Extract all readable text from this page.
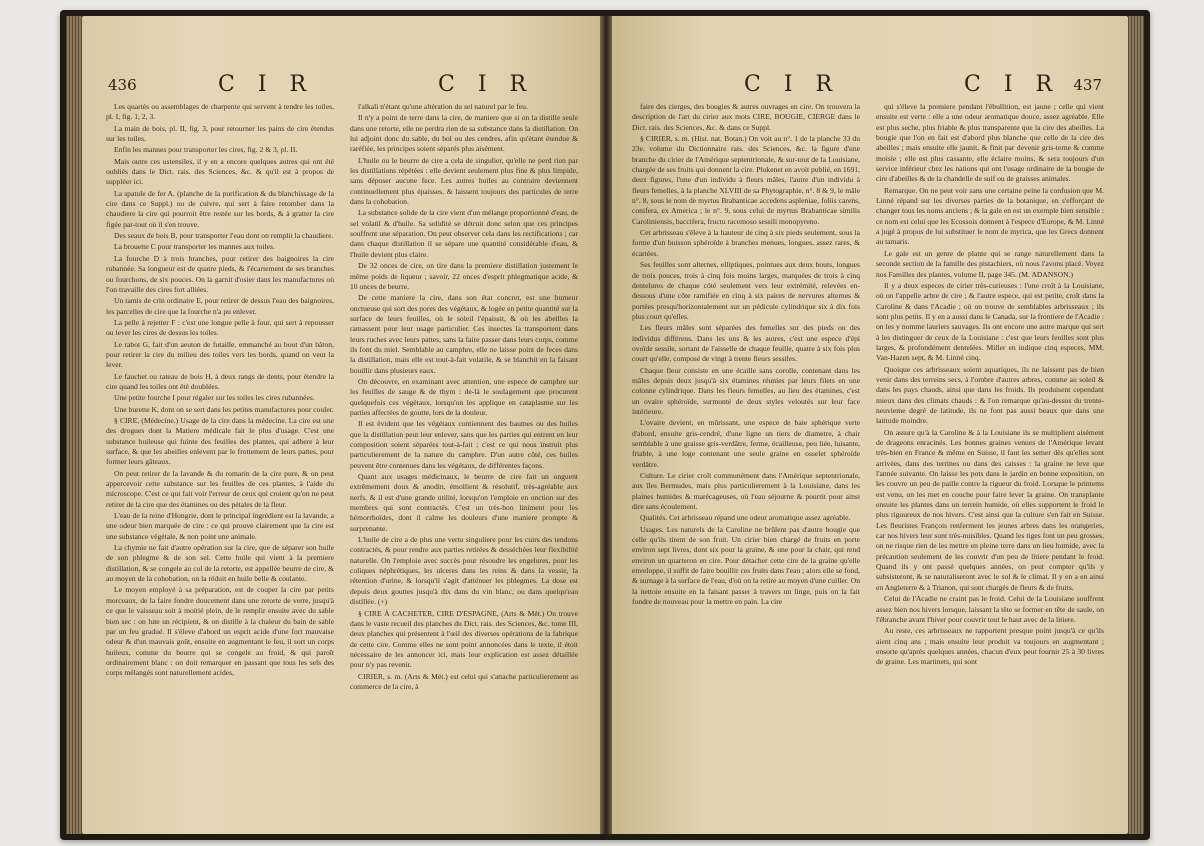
436	C I R	C I R

Les quartés ou assemblages de charpente qui servent à tendre les toiles, pl. I, fig. 1, 2, 3.

La main de bois, pl. II, fig. 3, pour retourner les pains de cire étendus sur les toiles.

Enfin les mannes pour transporter les cires, fig. 2 & 3, pl. II.

Mais outre ces ustensiles, il y en a encore quelques autres qui ont été oubliés dans le Dict. rais. des Sciences, &c. & qu'il est à propos de suppléer ici.

La spatule de fer A, (planche de la purification & du blanchissage de la cire dans ce Suppl.) ou de cuivre, qui sert à faire retomber dans la chaudiere la cire qui pourroit être restée sur les bords, & à gratter la cire figée par-tout où il s'en trouve.

Des seaux de bois B, pour transporter l'eau dont on remplit la chaudiere.

La brouette C pour transporter les mannes aux toiles.

La fourche D à trois branches, pour retirer des baignoires la cire rubannée. Sa longueur est de quatre pieds, & l'écartement de ses branches ou fourchons, de six pouces. On la garnit d'osier dans les manufactures où l'on travaille des cires fort alliées.

Un tamis de crin ordinaire E, pour retirer de dessus l'eau des baignoires, les parcelles de cire que la fourche n'a pu enlever.

La pelle à rejetter F : c'est une longue pelle à four, qui sert à repousser ou lever les cires de dessus les toiles.

Le rabot G, fait d'un aeuton de futaille, emmanché au bout d'un bâton, pour retirer la cire du milieu des toiles vers les bords, quand on veut la lever.

Le fauchet ou rateau de bois H, à deux rangs de dents, pour étendre la cire quand les toiles ont été doublées.

Une petite fourche I pour régaler sur les toiles les cires rubannées.

Une burette K, dont on se sert dans les petites manufactures pour couler.

§ CIRE, (Médecine.) Usage de la cire dans la médecine. La cire est une des drogues dont la Matiere médicale fait le plus d'usage. C'est une substance huileuse qui fuinte des feuilles des plantes, qui adhere à leur surface, & que les abeilles enlevent par le frottement de leurs pattes, pour former leurs gâteaux.

On peut retirer de la lavande & du romarin de la cire pure, & on peut appercevoir cette substance sur les feuilles de ces plantes, à l'aide du microscope. C'est ce qui fait voir l'erreur de ceux qui croient qu'on ne peut retirer de la cire que des étamines ou des pétales de la fleur.

L'eau de la reine d'Hongrie, dont le principal ingrédient est la lavande, a une odeur bien marquée de cire : ce qui prouve clairement que la cire est une substance végétale, & non point une animale.

La chymie ne fait d'autre opération sur la cire, que de séparer son huile de son phlegme & de son sel. Cette huile qui vient à la premiere distillation, & se congele au col de la retorte, est appellée beurre de cire, & au moyen de la cohobation, on la réduit en huile belle & coulante.

Le moyen employé à sa préparation, est de couper la cire par petits morceaux, de la faire fondre doucement dans une retorte de verre, jusqu'à ce que le vaisseau soit à moitié plein, de le remplir ensuite avec du sable bien sec : on lute un récipient, & on distille à la chaleur du bain de sable par un feu gradué. Il s'éleve d'abord un esprit acide d'une fort mauvaise odeur & d'un mauvais goût, ensuite en augmentant le feu, il sort un corps huileux, comme du beurre qui se congele au froid, & qui paroît ordinairement blanc : on doit remarquer en passant que tous les sels des corps mélangés sont naturellement acides,

l'alkali n'étant qu'une altération du sel naturel par le feu.

Il n'y a point de terre dans la cire, de maniere que si on la distille seule dans une retorte, elle ne perdra rien de sa substance dans la distillation. On lui adjoint donc du sable, du bol ou des cendres, afin qu'étant étendue & raréfiée, les principes soient séparés plus aisément.

L'huile ou le beurre de cire a cela de singulier, qu'elle ne perd rien par les distillations répétées : elle devient seulement plus fine & plus limpide, sans déposer aucune fece. Les autres huiles au contraire deviennent continuellement plus épaisses, & laissent toujours des particules de terre dans la cohobation.

La substance solide de la cire vient d'un mélange proportionné d'eau, de sel volatil & d'huile. Sa solidité se détruit donc selon que ces principes souffrent une séparation. On peut observer cela dans les rectifications ; car dans chaque distillation il se sépare une quantité considérable d'eau, & l'huile devient plus claire.

De 32 onces de cire, on tire dans la premiere distillation justement le même poids de liqueur ; savoir, 22 onces d'esprit phlegmatique acide, & 10 onces de beurre.

De cette maniere la cire, dans son état concret, est une humeur onctueuse qui sort des pores des végétaux, & logée en petite quantité sur la surface de leurs feuilles, où le soleil l'épaissit, & où les abeilles la ramassent pour leur usage particulier. Ces insectes la transportent dans leurs ruches avec leurs pattes, sans la faire passer dans leurs corps, comme ils font du miel. Semblable au camphre, elle ne laisse point de feces dans la distillation, mais elle est tout-à-fait volatile, & se blanchit en la faisant bouillir dans plusieurs eaux.

On découvre, en examinant avec attention, une espece de camphre sur les feuilles de sauge & de thym : de-là le soulagement que procurent quelquefois ces végétaux, lorsqu'on les applique en cataplasme sur les parties affectées de goutte, lors de la douleur.

Il est évident que les végétaux contiennent des baumes ou des huiles que la distillation peut leur enlever, sans que les parties qui entrent en leur composition soient séparées tout-à-fait ; c'est ce qui nous instruit plus particulierement de la nature du camphre. D'un autre côté, ces huiles peuvent être contenues dans les végétaux, de différentes façons.

Quant aux usages médicinaux, le beurre de cire fait un onguent extrêmement doux & anodin, émollient & résolutif, très-agréable aux nerfs, & il est d'une grande utilité, lorsqu'on l'emploie en onction sur des membres qui sont contractés. C'est un très-bon liniment pour les hémorrhoïdes, dont il calme les douleurs d'une maniere prompte & surprenante.

L'huile de cire a de plus une vertu singuliere pour les cuirs des tendons contractés, & pour rendre aux parties retirées & desséchées leur flexibilité naturelle. On l'emploie avec succès pour résoudre les engelures, pour les coliques néphrétiques, les ulceres dans les reins & dans la vessie, la rétention d'urine, & lorsqu'il s'agit d'atténuer les phlegmes. La dose est depuis deux gouttes jusqu'à dix dans du vin blanc, ou dans quelqu'eau distillée. (+)

§ CIRE À CACHETER, CIRE D'ESPAGNE, (Arts & Mét.) On trouve dans le vaste recueil des planches du Dict. rais. des Sciences, &c. tome III, deux planches qui présentent à l'œil des diverses opérations de la fabrique de cette cire. Comme elles ne sont point annoncées dans le texte, il étoit nécessaire de les annoncer ici, mais leur explication est assez détaillée pour n'y pas revenir.

CIRIER, s. m. (Arts & Mét.) est celui qui s'attache particulierement au commerce de la cire, à

C I R	C I R 437

faire des cierges, des bougies & autres ouvrages en cire. On trouvera la description de l'art du cirier aux mots CIRE, BOUGIE, CIERGE dans le Dict. rais. des Sciences, &c. & dans ce Suppl.

§ CIRIER, s. m. (Hist. nat. Botan.) On voit au n°. 1 de la planche 33 du 23e. volume du Dictionnaire rais. des Sciences, &c. la figure d'une branche du cirier de l'Amérique septentrionale, & sur-tout de la Louisiane, chargée de ses fruits qui donnent la cire. Plukenet en avoit publié, en 1691, deux figures, l'une d'un individu à fleurs mâles, l'autre d'un individu à fleurs femelles, à la planche XLVIII de sa Phytographie, n°. 8 & 9, le mâle n°. 8, sous le nom de myrtus Brabanticae accedens aspleniae, foliis carens, conifera, ex America ; le n°. 9, sous celui de myrtus Brabanticae similis Caroliniensis, baccifera, fructu racemoso sessili monopyreno.

Cet arbrisseau s'éleve à la hauteur de cinq à six pieds seulement, sous la forme d'un buisson sphéroïde à branches menues, longues, assez rares, & écartées.

Ses feuilles sont alternes, elliptiques, pointues aux deux bouts, longues de trois pouces, trois à cinq fois moins larges, marquées de trois à cinq dentelures de chaque côté seulement vers leur extrémité, relevées en-dessous d'une côte ramifiée en cinq à six paires de nervures alternes & portées presqu'horizontalement sur un pédicule cylindrique six à dix fois plus court qu'elles.

Les fleurs mâles sont séparées des femelles sur des pieds ou des individus différens. Dans les uns & les autres, c'est une espece d'épi ovoïde sessile, sortant de l'aisselle de chaque feuille, quatre à six fois plus court qu'elle, composé de vingt à trente fleurs sessiles.

Chaque fleur consiste en une écaille sans corolle, contenant dans les mâles depuis deux jusqu'à six étamines réunies par leurs filets en une colonne cylindrique. Dans les fleurs femelles, au lieu des étamines, c'est un ovaire sphéroïde, surmonté de deux styles veloutés sur leur face intérieure.

L'ovaire devient, en mûrissant, une espece de baie sphérique verte d'abord, ensuite gris-cendré, d'une ligne un tiers de diametre, à chair semblable à une graisse gris-verdâtre, ferme, écailleuse, peu liée, luisante, friable, à une loge contenant une seule graine en osselet sphéroïde verdâtre.

Culture. Le cirier croît communément dans l'Amérique septentrionale, aux îles Bermudes, mais plus particulierement à la Louisiane, dans les plaines humides & marécageuses, où l'eau séjourne & pourrit pour ainsi dire sans écoulement.

Qualités. Cet arbrisseau répand une odeur aromatique assez agréable.

Usages. Les naturels de la Caroline ne brûlent pas d'autre bougie que celle qu'ils tirent de son fruit. Un cirier bien chargé de fruits en porte environ sept livres, dont six pour la graine, & une pour la chair, qui rend environ un quarteron en cire. Pour détacher cette cire de la graine qu'elle enveloppe, il suffit de faire bouillir ces fruits dans l'eau ; alors elle se fond, & surnage à la surface de l'eau, d'où on la retire au moyen d'une cuiller. On la nettoie ensuite en la faisant passer à travers un linge, puis on la fait fondre de nouveau pour la mettre en pain. La cire

qui s'éleve la premiere pendant l'ébullition, est jaune ; celle qui vient ensuite est verte : elle a une odeur aromatique douce, assez agréable. Elle est plus seche, plus friable & plus transparente que la cire des abeilles. La bougie que l'on en fait est d'abord plus blanche que celle de la cire des abeilles ; mais ensuite elle jaunit, & finit par devenir gris-terne & comme moisie ; elle est plus cassante, elle éclaire moins, & sera toujours d'un service inférieur chez les nations qui ont l'usage ordinaire de la bougie de cire d'abeilles & de la chandelle de suif ou de graisses animales.

Remarque. On ne peut voir sans une certaine peine la confusion que M. Linné répand sur les diverses parties de la botanique, en s'efforçant de changer tous les noms anciens ; & la gale en est un exemple bien sensible : ce nom est celui que les Ecossois donnent à l'espece d'Europe, & M. Linné a jugé à propos de lui substituer le nom de myrica, que les Grecs donnent au tamaris.

Le gale est un genre de plante qui se range naturellement dans la seconde section de la famille des pistachiers, où nous l'avons placé. Voyez nos Familles des plantes, volume II, page 345. (M. ADANSON.)

Il y a deux especes de cirier très-curieuses : l'une croît à la Louisiane, où on l'appelle arbre de cire ; & l'autre espece, qui est petite, croît dans la Caroline & dans l'Acadie ; où on trouve de semblables arbrisseaux ; ils sont plus petits. Il y en a aussi dans le Canada, sur la frontiere de l'Acadie : on les y nomme lauriers sauvages. Ils ont encore une autre marque qui sert à les distinguer de ceux de la Louisiane : c'est que leurs feuilles sont plus larges, & profondément dentelées. Miller en indique cinq especes, MM. Van-Hazen sept, & M. Linné cinq.

Quoique ces arbrisseaux soient aquatiques, ils ne laissent pas de bien venir dans des terreins secs, à l'ombre d'autres arbres, comme au soleil & dans les pays chauds, ainsi que dans les froids. Ils produisent cependant mieux dans des climats chauds : & l'on remarque qu'au-dessus du trente-neuvieme degré de latitude, ils ne font pas aussi beaux que dans une latitude moindre.

On assure qu'à la Caroline & à la Louisiane ils se multiplient aisément de drageons enracinés. Les bonnes graines venues de l'Amérique levant très-bien en France & même en Suisse, il faut les semer dès qu'elles sont arrivées, dans des terrines ou dans des caisses : la graine ne leve que l'année suivante. On laisse les pots dans le jardin en bonne exposition, on les couvre un peu de paille contre la rigueur du froid. Lorsque le printems est venu, on les met en couche pour faire lever la graine. On transplante ensuite les plantes dans un terrein humide, où elles supportent le froid le plus rigoureux de nos hivers. C'est ainsi que la culture s'en fait en Suisse. Les fleuristes François renferment les jeunes arbres dans les orangeries, car nos hivers leur sont très-nuisibles. Quand les tiges font un peu grosses, on ne risque rien de les mettre en pleine terre dans un lieu humide, avec la précaution seulement de les couvrir d'un peu de litiere pendant le froid. Quand ils y ont passé quelques années, on peut compter qu'ils y subsisteront, & se naturaliseront avec le sol & le climat. Il y en a en ainsi en Angleterre & à Trianon, qui sont chargés de fleurs & de fruits.

Celui de l'Acadie ne craint pas le froid. Celui de la Louisiane souffrent assez bien nos hivers lorsque, laissant la tête se former en tête de saule, on l'ébranche avant l'hiver pour couvrir tout le haut avec de la litiere.

Au reste, ces arbrisseaux ne rapportent presque point jusqu'à ce qu'ils aient cinq ans ; mais ensuite leur produit va toujours en augmentant ; ensorte qu'après quelques années, chacun d'eux peut fournir 25 à 30 livres de graine. Les martinets, qui sont
